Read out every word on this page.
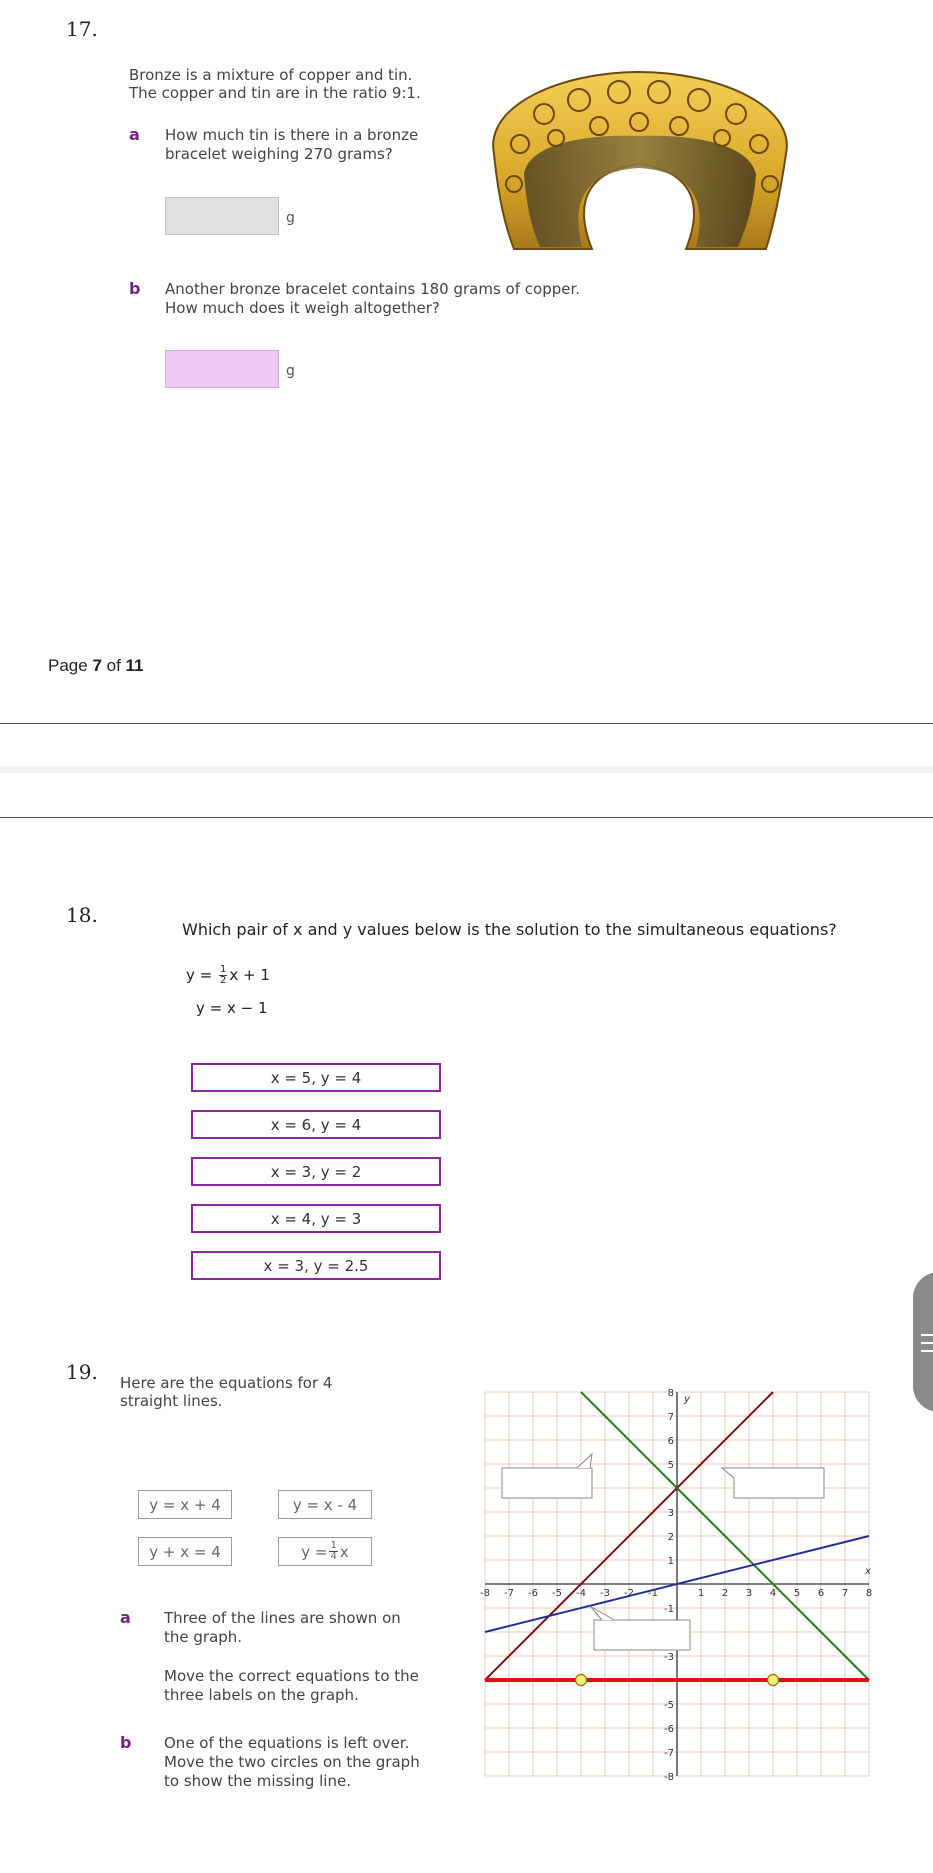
17.
Bronze is a mixture of copper and tin.
The copper and tin are in the ratio 9:1.
a How much tin is there in a bronze
bracelet weighing 270 grams?
g
b Another bronze bracelet contains 180 grams of copper.
How much does it weigh altogether?
g
Page 7 of 11
18.
Which pair of x and y values below is the solution to the simultaneous equations?
$y = \frac{1}{2}$ x + 1
y = x − 1
x = 5, y = 4
x = 6, y = 4
x = 3, y = 2
x = 4, y = 3
x = 3, y = 2.5
19. Here are the equations for 4
straight lines.
y = x + 4	y = x - 4
y + x = 4	$y = \frac{1}{4}$ x
a Three of the lines are shown on
the graph.
Move the correct equations to the
three labels on the graph.
b One of the equations is left over.
Move the two circles on the graph
to show the missing line.
x
y
-8 -7 -6 -5 -4 -3 -2 -1	1 2 3 4 5 6 7 8
8
7
6
5
3
2
1
-1
-3
-5
-6
-7
-8
